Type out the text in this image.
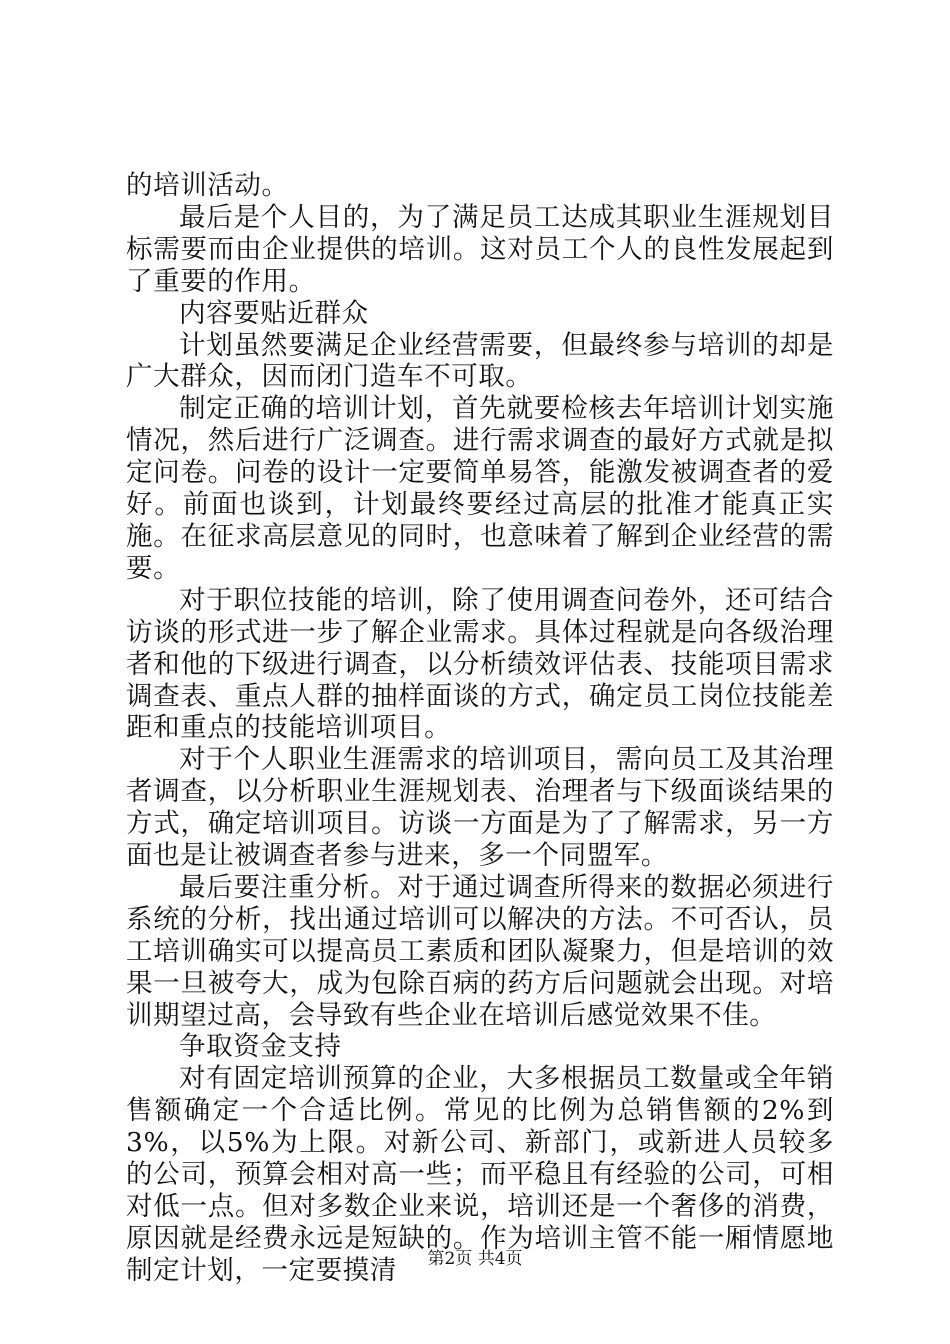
的培训活动。

最后是个人目的，为了满足员工达成其职业生涯规划目标需要而由企业提供的培训。这对员工个人的良性发展起到了重要的作用。

内容要贴近群众

计划虽然要满足企业经营需要，但最终参与培训的却是广大群众，因而闭门造车不可取。

制定正确的培训计划，首先就要检核去年培训计划实施情况，然后进行广泛调查。进行需求调查的最好方式就是拟定问卷。问卷的设计一定要简单易答，能激发被调查者的爱好。前面也谈到，计划最终要经过高层的批准才能真正实施。在征求高层意见的同时，也意味着了解到企业经营的需要。

对于职位技能的培训，除了使用调查问卷外，还可结合访谈的形式进一步了解企业需求。具体过程就是向各级治理者和他的下级进行调查，以分析绩效评估表、技能项目需求调查表、重点人群的抽样面谈的方式，确定员工岗位技能差距和重点的技能培训项目。

对于个人职业生涯需求的培训项目，需向员工及其治理者调查，以分析职业生涯规划表、治理者与下级面谈结果的方式，确定培训项目。访谈一方面是为了了解需求，另一方面也是让被调查者参与进来，多一个同盟军。

最后要注重分析。对于通过调查所得来的数据必须进行系统的分析，找出通过培训可以解决的方法。不可否认，员工培训确实可以提高员工素质和团队凝聚力，但是培训的效果一旦被夸大，成为包除百病的药方后问题就会出现。对培训期望过高，会导致有些企业在培训后感觉效果不佳。

争取资金支持

对有固定培训预算的企业，大多根据员工数量或全年销售额确定一个合适比例。常见的比例为总销售额的2%到3%，以5%为上限。对新公司、新部门，或新进人员较多的公司，预算会相对高一些；而平稳且有经验的公司，可相对低一点。但对多数企业来说，培训还是一个奢侈的消费，原因就是经费永远是短缺的。作为培训主管不能一厢情愿地制定计划，一定要摸清	第2页 共4页
